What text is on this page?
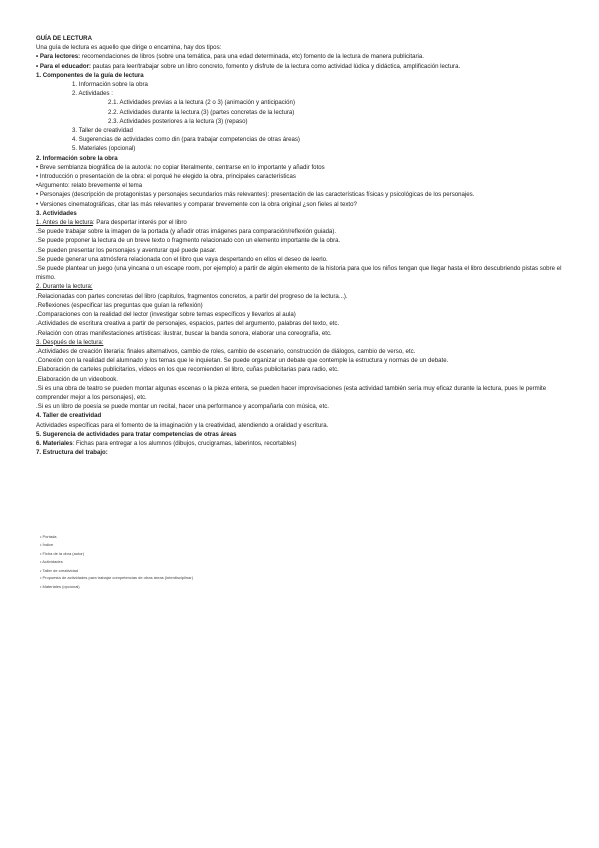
GUÍA DE LECTURA
Una guía de lectura es aquello que dirige o encamina, hay dos tipos:
• Para lectores: recomendaciones de libros (sobre una temática, para una edad determinada, etc) fomento de la lectura de manera publicitaria.
• Para el educador: pautas para leer/trabajar sobre un libro concreto, fomento y disfrute de la lectura como actividad lúdica y didáctica, amplificación lectura.
1. Componentes de la guía de lectura
1. Información sobre la obra
2. Actividades :
2.1. Actividades previas a la lectura (2 o 3) (animación y anticipación)
2.2. Actividades durante la lectura (3) (partes concretas de la lectura)
2.3. Actividades posteriores a la lectura (3) (repaso)
3. Taller de creatividad
4. Sugerencias de actividades como din (para trabajar competencias de otras áreas)
5. Materiales (opcional)
2. Información sobre la obra
• Breve semblanza biográfica de la autor/a: no copiar literalmente, centrarse en lo importante y añadir fotos
• Introducción o presentación de la obra: el porqué he elegido la obra, principales características
•Argumento: relato brevemente el tema
• Personajes (descripción de protagonistas y personajes secundarios más relevantes): presentación de las características físicas y psicológicas de los personajes.
• Versiones cinematográficas, citar las más relevantes y comparar brevemente con la obra original ¿son fieles al texto?
3. Actividades
1. Antes de la lectura: Para despertar interés por el libro
.Se puede trabajar sobre la imagen de la portada (y añadir otras imágenes para comparación/reflexión guiada).
.Se puede proponer la lectura de un breve texto o fragmento relacionado con un elemento importante de la obra.
.Se pueden presentar los personajes y aventurar qué puede pasar.
.Se puede generar una atmósfera relacionada con el libro que vaya despertando en ellos el deseo de leerlo.
.Se puede plantear un juego (una yincana o un escape room, por ejemplo) a partir de algún elemento de la historia para que los niños tengan que llegar hasta el libro descubriendo pistas sobre el mismo.
2. Durante la lectura:
.Relacionadas con partes concretas del libro (capítulos, fragmentos concretos, a partir del progreso de la lectura...).
.Reflexiones (especificar las preguntas que guían la reflexión)
.Comparaciones con la realidad del lector (investigar sobre temas específicos y llevarlos al aula)
.Actividades de escritura creativa a partir de personajes, espacios, partes del argumento, palabras del texto, etc.
.Relación con otras manifestaciones artísticas: ilustrar, buscar la banda sonora, elaborar una coreografía, etc.
3. Después de la lectura:
.Actividades de creación literaria: finales alternativos, cambio de roles, cambio de escenario, construcción de diálogos, cambio de verso, etc.
.Conexión con la realidad del alumnado y los temas que le inquietan. Se puede organizar un debate que contemple la estructura y normas de un debate.
.Elaboración de carteles publicitarios, vídeos en los que recomienden el libro, cuñas publicitarias para radio, etc.
.Elaboración de un videobook.
.Si es una obra de teatro se pueden montar algunas escenas o la pieza entera, se pueden hacer improvisaciones (esta actividad también sería muy eficaz durante la lectura, pues le permite comprender mejor a los personajes), etc.
.Si es un libro de poesía se puede montar un recital, hacer una performance y acompañarla con música, etc.
4. Taller de creatividad
Actividades específicas para el fomento de la imaginación y la creatividad, atendiendo a oralidad y escritura.
5. Sugerencia de actividades para tratar competencias de otras áreas
6. Materiales: Fichas para entregar a los alumnos (dibujos, crucigramas, laberintos, recortables)
7. Estructura del trabajo:
• Portada
• Índice
• Ficha de la obra (autor)
• Actividades
• Taller de creatividad
• Propuesta de actividades para trabajar competencias de otras áreas (interdisciplinar)
• Materiales (opcional)
